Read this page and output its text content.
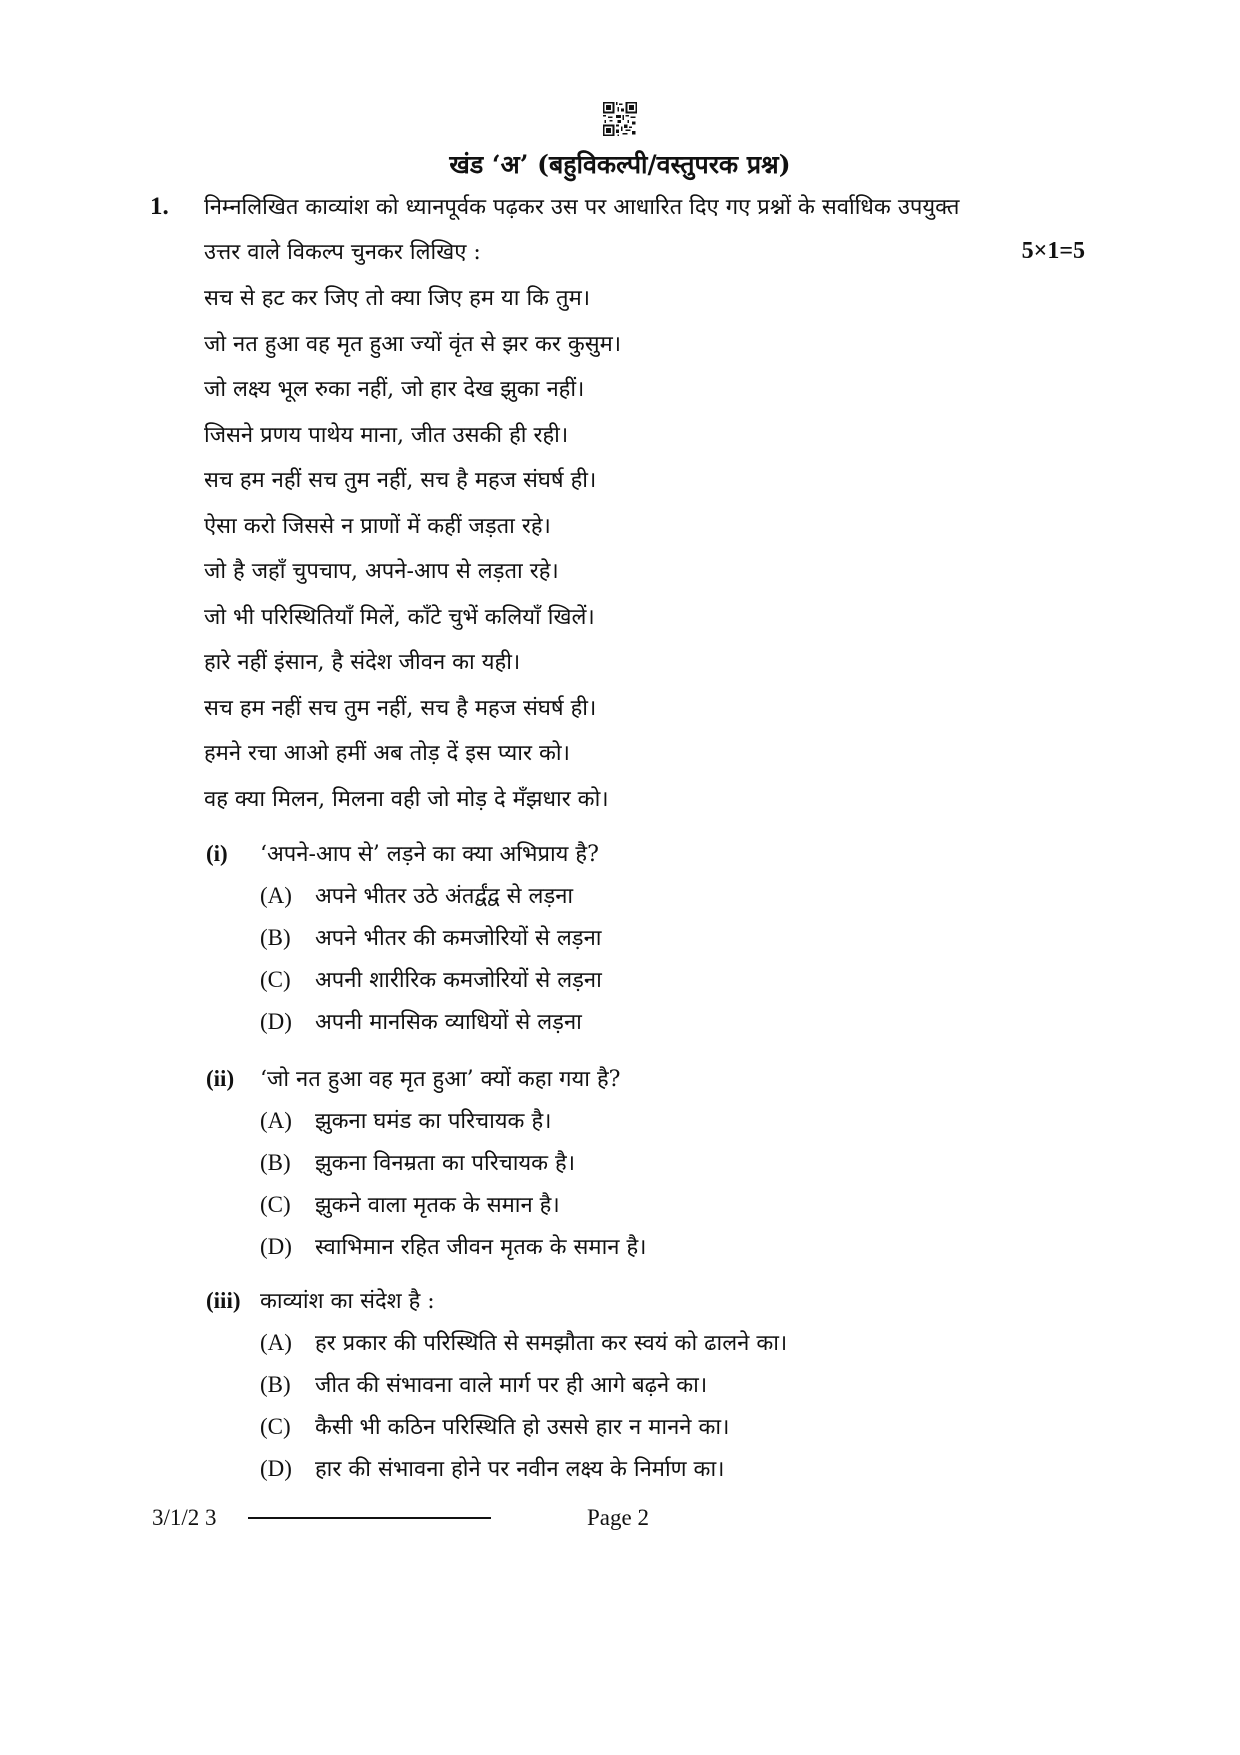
खंड ‘अ’ (बहुविकल्पी/वस्तुपरक प्रश्न)
1. निम्नलिखित काव्यांश को ध्यानपूर्वक पढ़कर उस पर आधारित दिए गए प्रश्नों के सर्वाधिक उपयुक्त
उत्तर वाले विकल्प चुनकर लिखिए :	5×1=5
सच से हट कर जिए तो क्या जिए हम या कि तुम।
जो नत हुआ वह मृत हुआ ज्यों वृंत से झर कर कुसुम।
जो लक्ष्य भूल रुका नहीं, जो हार देख झुका नहीं।
जिसने प्रणय पाथेय माना, जीत उसकी ही रही।
सच हम नहीं सच तुम नहीं, सच है महज संघर्ष ही।
ऐसा करो जिससे न प्राणों में कहीं जड़ता रहे।
जो है जहाँ चुपचाप, अपने-आप से लड़ता रहे।
जो भी परिस्थितियाँ मिलें, काँटे चुभें कलियाँ खिलें।
हारे नहीं इंसान, है संदेश जीवन का यही।
सच हम नहीं सच तुम नहीं, सच है महज संघर्ष ही।
हमने रचा आओ हमीं अब तोड़ दें इस प्यार को।
वह क्या मिलन, मिलना वही जो मोड़ दे मँझधार को।
(i)	‘अपने-आप से’ लड़ने का क्या अभिप्राय है?
(A)	अपने भीतर उठे अंतर्द्वंद्व से लड़ना
(B)	अपने भीतर की कमजोरियों से लड़ना
(C)	अपनी शारीरिक कमजोरियों से लड़ना
(D)	अपनी मानसिक व्याधियों से लड़ना
(ii)	‘जो नत हुआ वह मृत हुआ’ क्यों कहा गया है?
(A)	झुकना घमंड का परिचायक है।
(B)	झुकना विनम्रता का परिचायक है।
(C)	झुकने वाला मृतक के समान है।
(D)	स्वाभिमान रहित जीवन मृतक के समान है।
(iii) काव्यांश का संदेश है :
(A)	हर प्रकार की परिस्थिति से समझौता कर स्वयं को ढालने का।
(B)	जीत की संभावना वाले मार्ग पर ही आगे बढ़ने का।
(C)	कैसी भी कठिन परिस्थिति हो उससे हार न मानने का।
(D)	हार की संभावना होने पर नवीन लक्ष्य के निर्माण का।
3/1/2 3	Page 2
